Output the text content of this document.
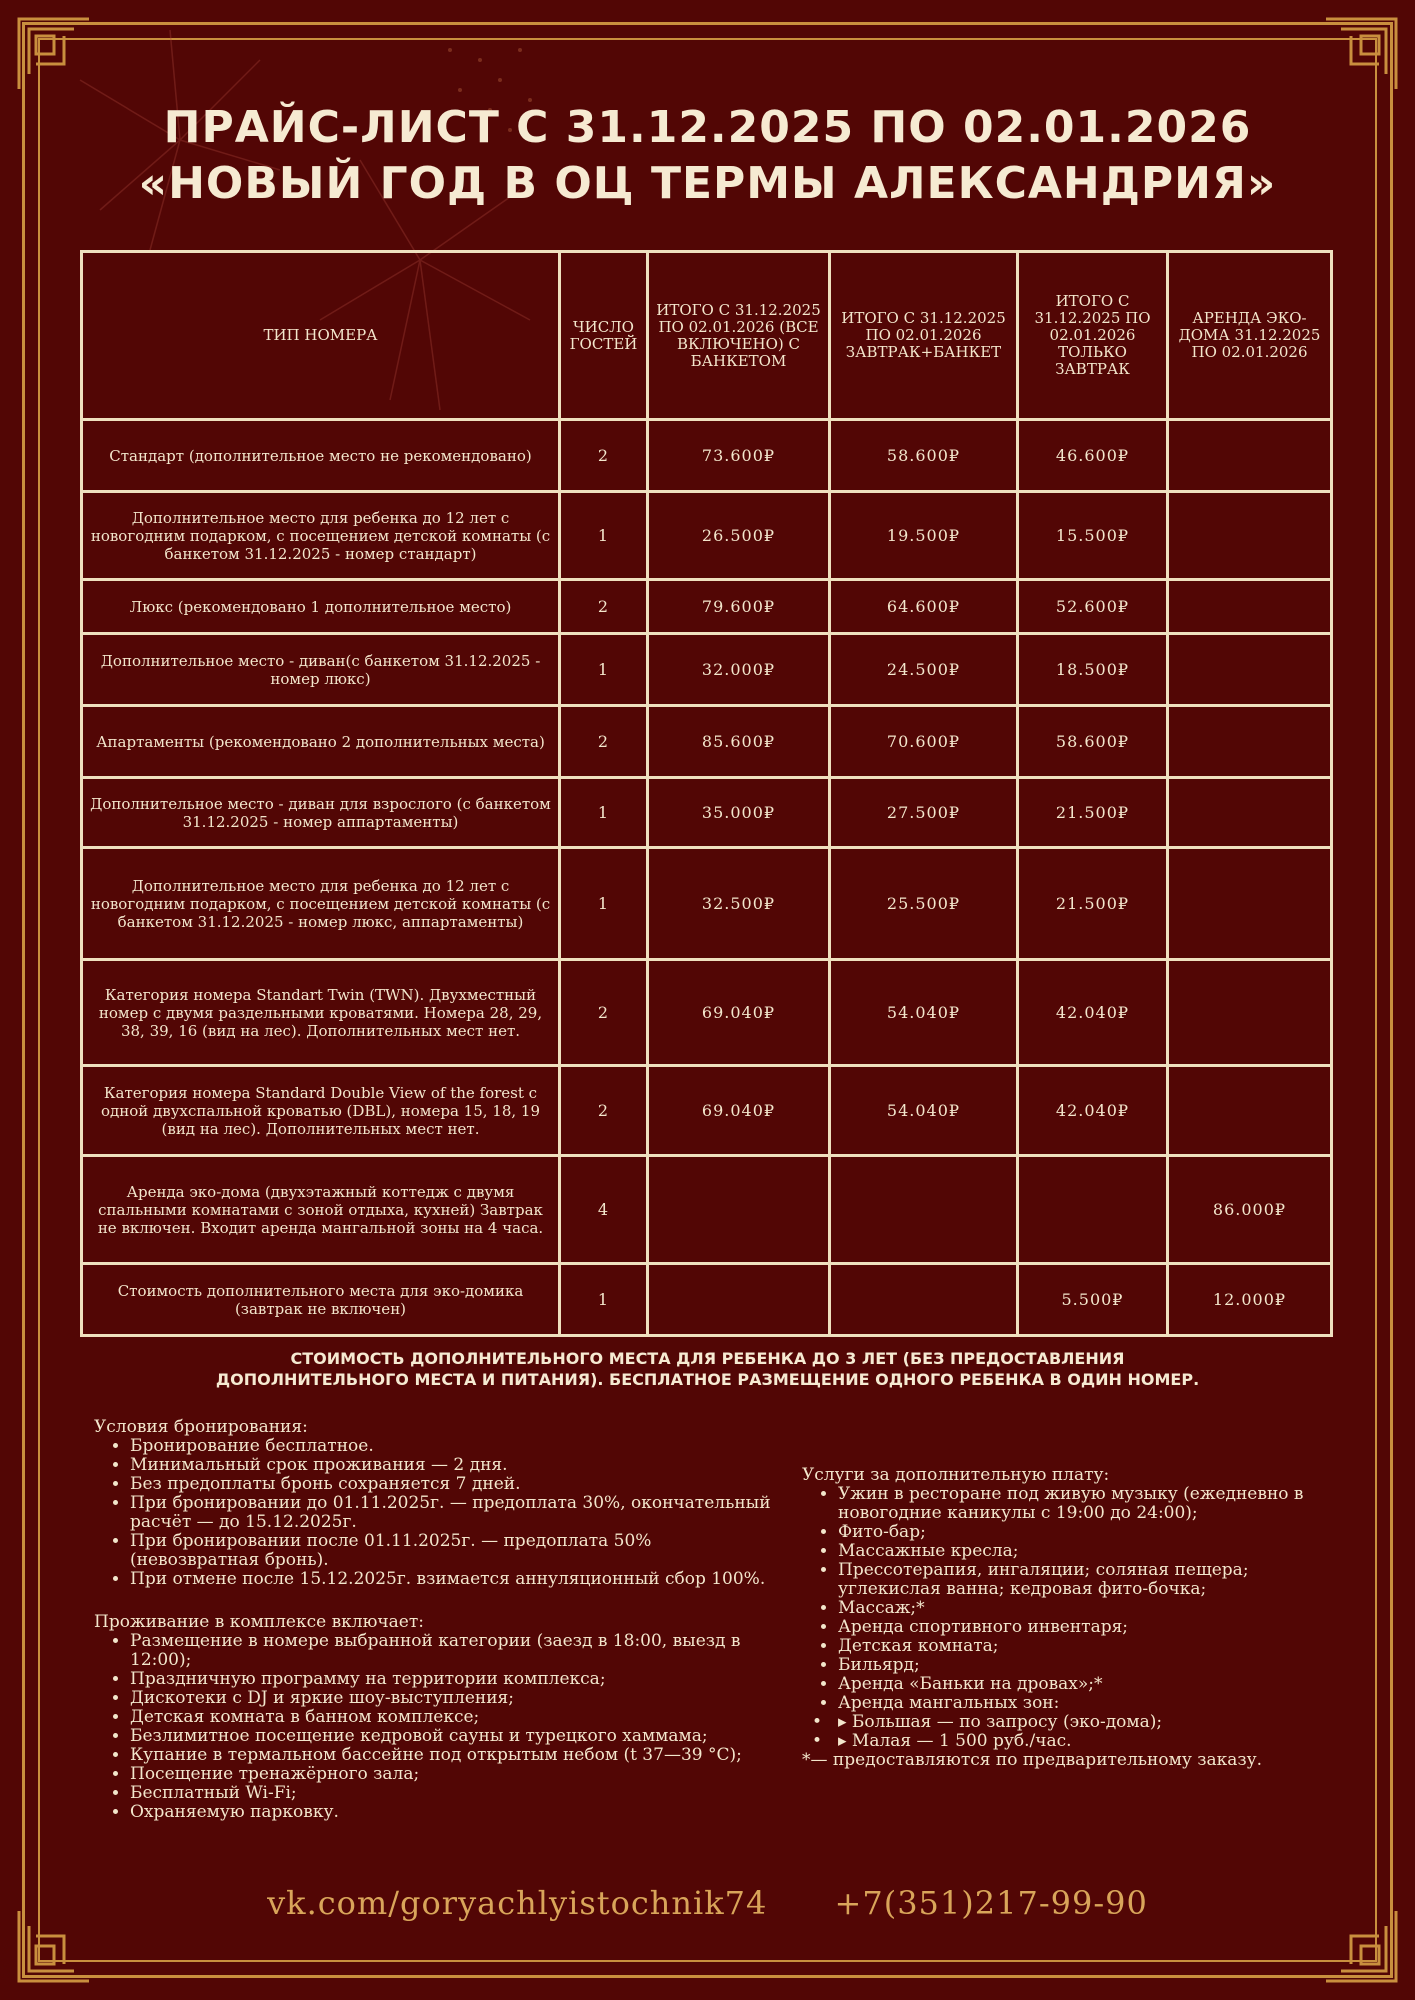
ПРАЙС-ЛИСТ С 31.12.2025 ПО 02.01.2026
«НОВЫЙ ГОД В ОЦ ТЕРМЫ АЛЕКСАНДРИЯ»
ТИП НОМЕРА	ЧИСЛО ГОСТЕЙ	ИТОГО С 31.12.2025 ПО 02.01.2026 (ВСЕ ВКЛЮЧЕНО) С БАНКЕТОМ	ИТОГО С 31.12.2025 ПО 02.01.2026 ЗАВТРАК+БАНКЕТ	ИТОГО С 31.12.2025 ПО 02.01.2026 ТОЛЬКО ЗАВТРАК	АРЕНДА ЭКО-ДОМА 31.12.2025 ПО 02.01.2026
Стандарт (дополнительное место не рекомендовано)	2	73.600₽	58.600₽	46.600₽	
Дополнительное место для ребенка до 12 лет с новогодним подарком, с посещением детской комнаты (с банкетом 31.12.2025 - номер стандарт)	1	26.500₽	19.500₽	15.500₽	
Люкс (рекомендовано 1 дополнительное место)	2	79.600₽	64.600₽	52.600₽	
Дополнительное место - диван(с банкетом 31.12.2025 - номер люкс)	1	32.000₽	24.500₽	18.500₽	
Апартаменты (рекомендовано 2 дополнительных места)	2	85.600₽	70.600₽	58.600₽	
Дополнительное место - диван для взрослого (с банкетом 31.12.2025 - номер аппартаменты)	1	35.000₽	27.500₽	21.500₽	
Дополнительное место для ребенка до 12 лет с новогодним подарком, с посещением детской комнаты (с банкетом 31.12.2025 - номер люкс, аппартаменты)	1	32.500₽	25.500₽	21.500₽	
Категория номера Standart Twin (TWN). Двухместный номер с двумя раздельными кроватями. Номера 28, 29, 38, 39, 16 (вид на лес). Дополнительных мест нет.	2	69.040₽	54.040₽	42.040₽	
Категория номера Standard Double View of the forest с одной двухспальной кроватью (DBL), номера 15, 18, 19 (вид на лес). Дополнительных мест нет.	2	69.040₽	54.040₽	42.040₽	
Аренда эко-дома (двухэтажный коттедж с двумя спальными комнатами с зоной отдыха, кухней) Завтрак не включен. Входит аренда мангальной зоны на 4 часа.	4				86.000₽
Стоимость дополнительного места для эко-домика (завтрак не включен)	1			5.500₽	12.000₽
СТОИМОСТЬ ДОПОЛНИТЕЛЬНОГО МЕСТА ДЛЯ РЕБЕНКА ДО 3 ЛЕТ (БЕЗ ПРЕДОСТАВЛЕНИЯ
ДОПОЛНИТЕЛЬНОГО МЕСТА И ПИТАНИЯ). БЕСПЛАТНОЕ РАЗМЕЩЕНИЕ ОДНОГО РЕБЕНКА В ОДИН НОМЕР.

Условия бронирования:

• Бронирование бесплатное.
• Минимальный срок проживания — 2 дня.
• Без предоплаты бронь сохраняется 7 дней.
• При бронировании до 01.11.2025г. — предоплата 30%, окончательный расчёт — до 15.12.2025г.
• При бронировании после 01.11.2025г. — предоплата 50% (невозвратная бронь).
• При отмене после 15.12.2025г. взимается аннуляционный сбор 100%.

Проживание в комплексе включает:

• Размещение в номере выбранной категории (заезд в 18:00, выезд в 12:00);
• Праздничную программу на территории комплекса;
• Дискотеки с DJ и яркие шоу-выступления;
• Детская комната в банном комплексе;
• Безлимитное посещение кедровой сауны и турецкого хаммама;
• Купание в термальном бассейне под открытым небом (t 37—39 °C);
• Посещение тренажёрного зала;
• Бесплатный Wi-Fi;
• Охраняемую парковку.

Услуги за дополнительную плату:

• Ужин в ресторане под живую музыку (ежедневно в новогодние каникулы с 19:00 до 24:00);
• Фито-бар;
• Массажные кресла;
• Прессотерапия, ингаляции; соляная пещера; углекислая ванна; кедровая фито-бочка;
• Массаж;*
• Аренда спортивного инвентаря;
• Детская комната;
• Бильярд;
• Аренда «Баньки на дровах»;*
• Аренда мангальных зон:
• ▸ Большая — по запросу (эко-дома);
• ▸ Малая — 1 500 руб./час.

*— предоставляются по предварительному заказу.

vk.com/goryachlyistochnik74 +7(351)217-99-90
